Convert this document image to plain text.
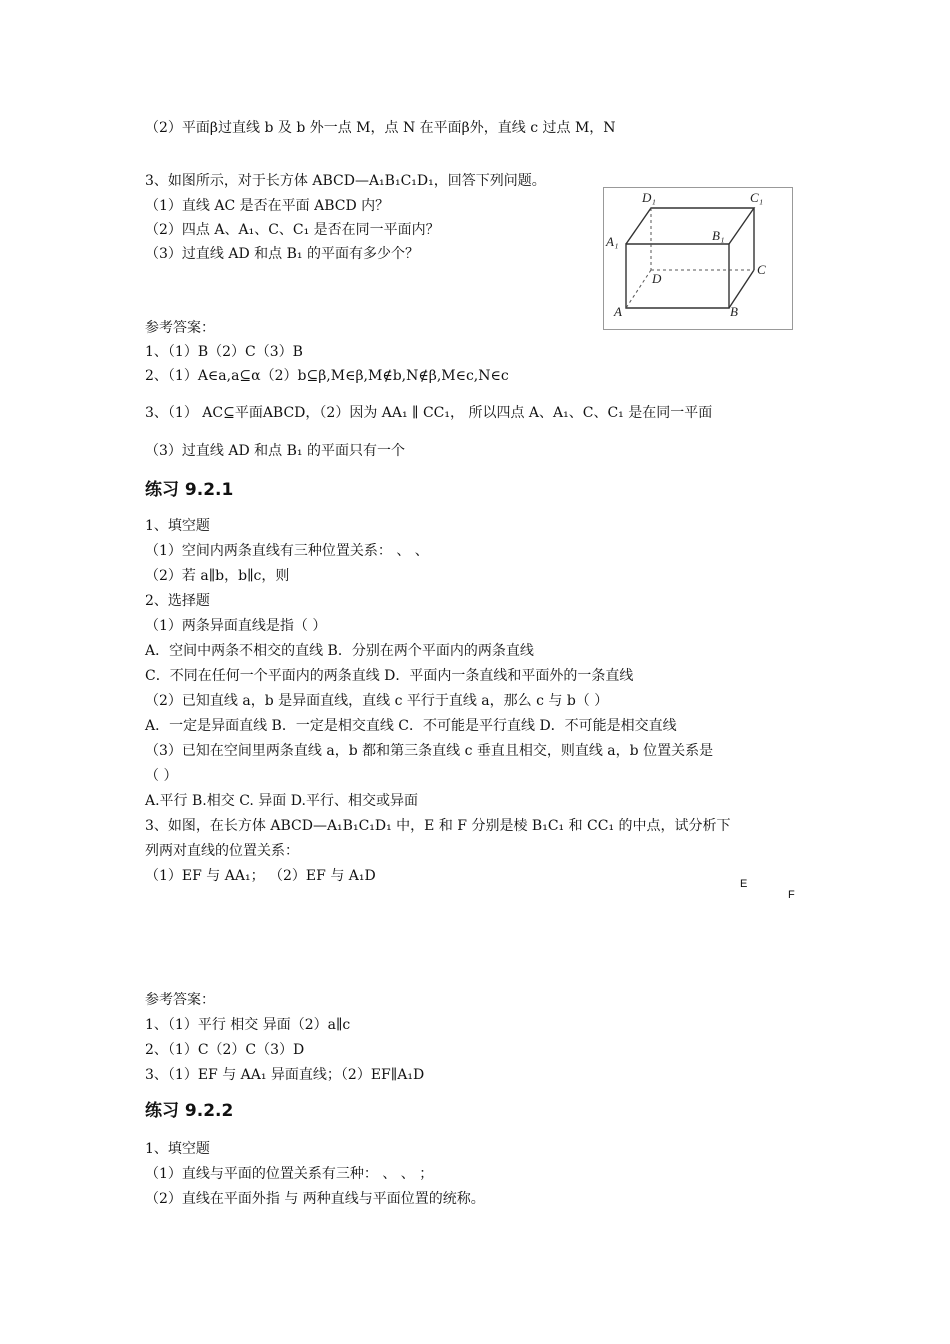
（2）平面β过直线 b 及 b 外一点 M，点 N 在平面β外，直线 c 过点 M，N
3、如图所示，对于长方体 ABCD—A₁B₁C₁D₁，回答下列问题。
（1）直线 AC 是否在平面 ABCD 内？
（2）四点 A、A₁、C、C₁ 是否在同一平面内？
（3）过直线 AD 和点 B₁ 的平面有多少个？
D₁	C₁
A₁	B₁
C
D
A	B
参考答案：
1、（1）B（2）C（3）B
2、（1）A∈a,a⊆α（2）b⊆β,M∈β,M∉b,N∉β,M∈c,N∈c
3、（1） AC⊆平面ABCD，（2）因为 AA₁ ∥ CC₁， 所以四点 A、A₁、C、C₁ 是在同一平面
（3）过直线 AD 和点 B₁ 的平面只有一个
练习 9.2.1
1、填空题
（1）空间内两条直线有三种位置关系： 、 、
（2）若 a∥b，b∥c，则
2、选择题
（1）两条异面直线是指（ ）
A．空间中两条不相交的直线 B．分别在两个平面内的两条直线
C．不同在任何一个平面内的两条直线 D．平面内一条直线和平面外的一条直线
（2）已知直线 a，b 是异面直线，直线 c 平行于直线 a，那么 c 与 b（ ）
A．一定是异面直线 B．一定是相交直线 C．不可能是平行直线 D．不可能是相交直线
（3）已知在空间里两条直线 a，b 都和第三条直线 c 垂直且相交，则直线 a，b 位置关系是
（ ）
A.平行 B.相交 C. 异面 D.平行、相交或异面
3、如图，在长方体 ABCD—A₁B₁C₁D₁ 中，E 和 F 分别是棱 B₁C₁ 和 CC₁ 的中点，试分析下
列两对直线的位置关系：
（1）EF 与 AA₁； （2）EF 与 A₁D	E
F
参考答案：
1、（1）平行 相交 异面（2）a∥c
2、（1）C（2）C（3）D
3、（1）EF 与 AA₁ 异面直线；（2）EF∥A₁D
练习 9.2.2
1、填空题
（1）直线与平面的位置关系有三种： 、 、 ；
（2）直线在平面外指 与 两种直线与平面位置的统称。
